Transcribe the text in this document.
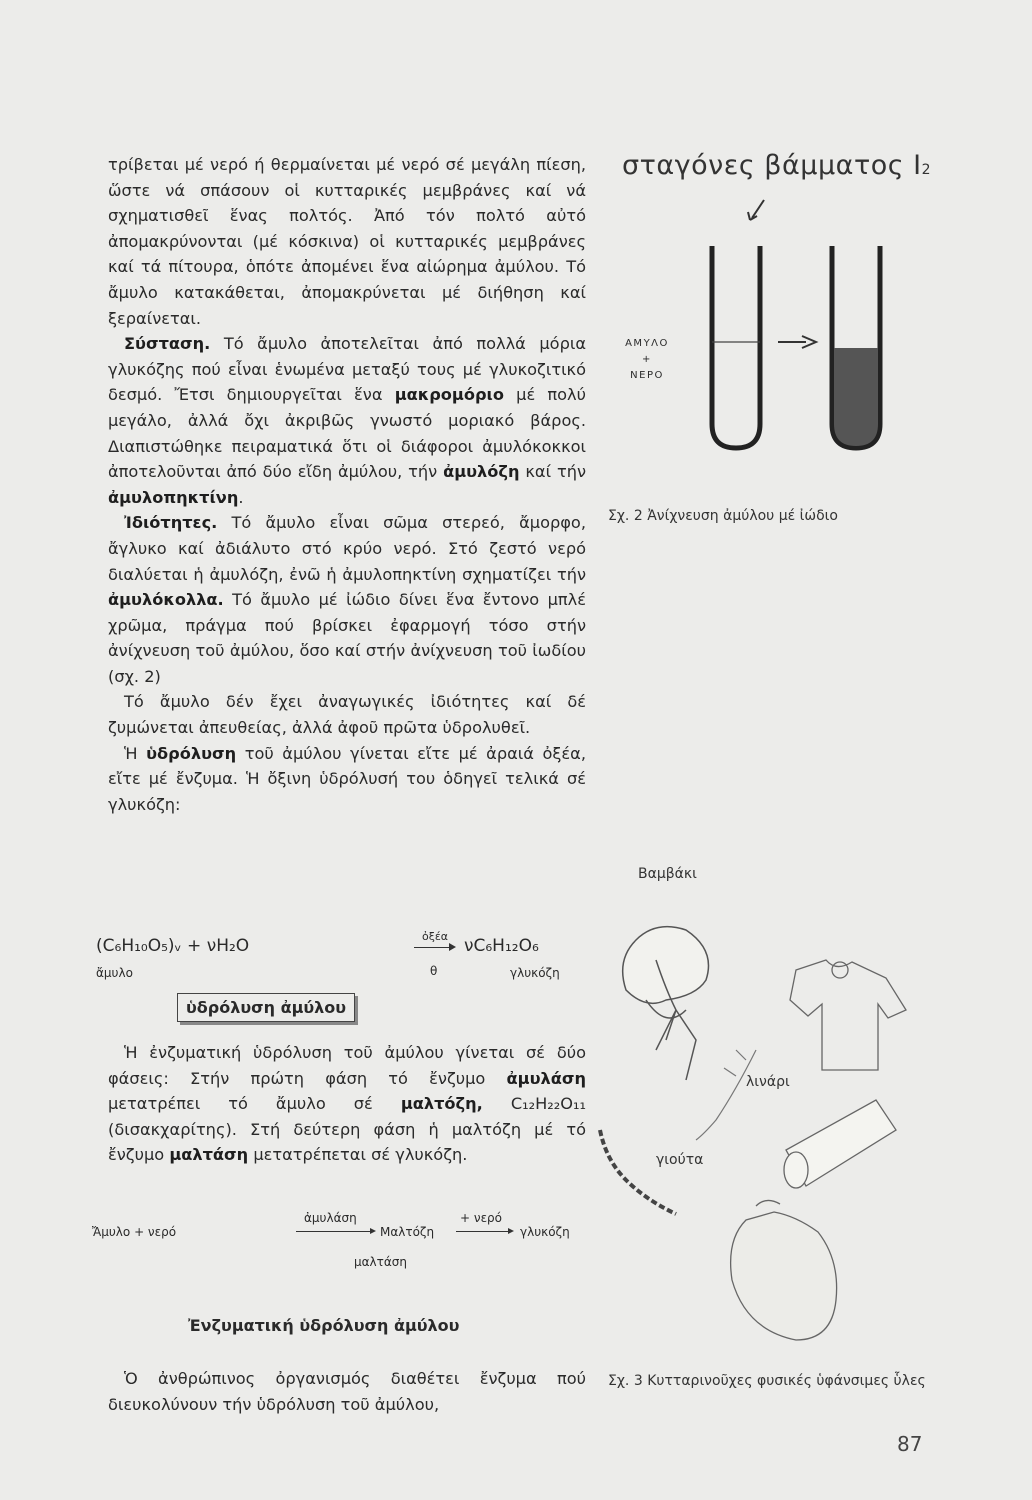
τρίβεται μέ νερό ή θερμαίνεται μέ νερό σέ μεγάλη πίεση, ὥστε νά σπάσουν οἱ κυτταρικές μεμβράνες καί νά σχηματισθεῖ ἕνας πολτός. Ἀπό τόν πολτό αὐτό ἀπομακρύνονται (μέ κόσκινα) οἱ κυτταρικές μεμβράνες καί τά πίτουρα, ὁπότε ἀπομένει ἕνα αἰώρημα ἀμύλου. Τό ἄμυλο κατακάθεται, ἀπομακρύνεται μέ διήθηση καί ξεραίνεται.

Σύσταση. Τό ἄμυλο ἀποτελεῖται ἀπό πολλά μόρια γλυκόζης πού εἶναι ἑνωμένα μεταξύ τους μέ γλυκοζιτικό δεσμό. Ἔτσι δημιουργεῖται ἕνα μακρομόριο μέ πολύ μεγάλο, ἀλλά ὄχι ἀκριβῶς γνωστό μοριακό βάρος. Διαπιστώθηκε πειραματικά ὅτι οἱ διάφοροι ἀμυλόκοκκοι ἀποτελοῦνται ἀπό δύο εἴδη ἀμύλου, τήν ἀμυλόζη καί τήν ἀμυλοπηκτίνη.

Ἰδιότητες. Τό ἄμυλο εἶναι σῶμα στερεό, ἄμορφο, ἄγλυκο καί ἀδιάλυτο στό κρύο νερό. Στό ζεστό νερό διαλύεται ἡ ἀμυλόζη, ἐνῶ ἡ ἀμυλοπηκτίνη σχηματίζει τήν ἀμυλόκολλα. Τό ἄμυλο μέ ἰώδιο δίνει ἕνα ἔντονο μπλέ χρῶμα, πράγμα πού βρίσκει ἐφαρμογή τόσο στήν ἀνίχνευση τοῦ ἀμύλου, ὅσο καί στήν ἀνίχνευση τοῦ ἰωδίου (σχ. 2)

Τό ἄμυλο δέν ἔχει ἀναγωγικές ἰδιότητες καί δέ ζυμώνεται ἀπευθείας, ἀλλά ἀφοῦ πρῶτα ὑδρολυθεῖ.

Ἡ ὑδρόλυση τοῦ ἀμύλου γίνεται εἴτε μέ ἀραιά ὀξέα, εἴτε μέ ἔνζυμα. Ἡ ὄξινη ὑδρόλυσή του ὁδηγεῖ τελικά σέ γλυκόζη:

(C₆H₁₀O₅)ᵥ + νH₂O	ὀξέα
θ
νC₆H₁₂O₆
ἄμυλο	γλυκόζη
ὑδρόλυση ἀμύλου

Ἡ ἐνζυματική ὑδρόλυση τοῦ ἀμύλου γίνεται σέ δύο φάσεις: Στήν πρώτη φάση τό ἔνζυμο ἀμυλάση μετατρέπει τό ἄμυλο σέ μαλτόζη, C₁₂H₂₂O₁₁ (δισακχαρίτης). Στή δεύτερη φάση ἡ μαλτόζη μέ τό ἔνζυμο μαλτάση μετατρέπεται σέ γλυκόζη.

Ἄμυλο + νερό
ἀμυλάση
Μαλτόζη
+ νερό
γλυκόζη
μαλτάση
Ἐνζυματική ὑδρόλυση ἀμύλου

Ὁ ἀνθρώπινος ὀργανισμός διαθέτει ἔνζυμα πού διευκολύνουν τήν ὑδρόλυση τοῦ ἀμύλου,

σταγόνες βάμματος I2
ΑΜΥΛΟ
+
ΝΕΡΟ
Σχ. 2 Ἀνίχνευση ἀμύλου μέ ἰώδιο
Βαμβάκι
λινάρι
γιούτα
Σχ. 3 Κυτταρινοῦχες φυσικές ὑφάνσιμες ὗλες
87
